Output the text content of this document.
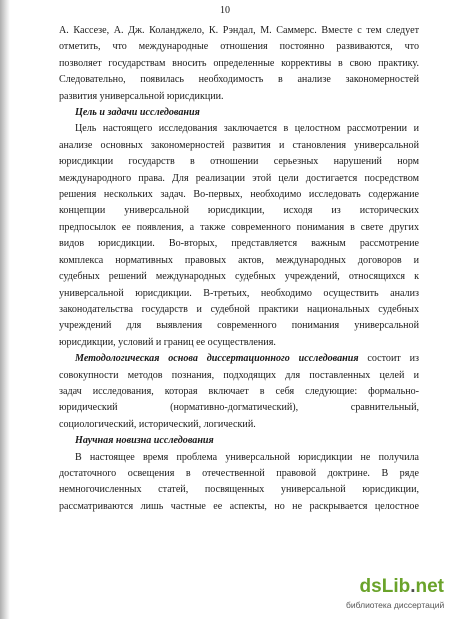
10

А. Кассезе, А. Дж. Коланджело, К. Рэндал, М. Саммерс. Вместе с тем следует

отметить, что международные отношения постоянно развиваются, что

позволяет государствам вносить определенные коррективы в свою практику.

Следовательно, появилась необходимость в анализе закономерностей

развития универсальной юрисдикции.

Цель и задачи исследования

Цель настоящего исследования заключается в целостном рассмотрении и

анализе основных закономерностей развития и становления универсальной

юрисдикции государств в отношении серьезных нарушений норм

международного права. Для реализации этой цели достигается посредством

решения нескольких задач. Во-первых, необходимо исследовать содержание

концепции универсальной юрисдикции, исходя из исторических

предпосылок ее появления, а также современного понимания в свете других

видов юрисдикции. Во-вторых, представляется важным рассмотрение

комплекса нормативных правовых актов, международных договоров и

судебных решений международных судебных учреждений, относящихся к

универсальной юрисдикции. В-третьих, необходимо осуществить анализ

законодательства государств и судебной практики национальных судебных

учреждений для выявления современного понимания универсальной

юрисдикции, условий и границ ее осуществления.

Методологическая основа диссертационного исследования состоит из

совокупности методов познания, подходящих для поставленных целей и

задач исследования, которая включает в себя следующие: формально-

юридический (нормативно-догматический), сравнительный,

социологический, исторический, логический.

Научная новизна исследования

В настоящее время проблема универсальной юрисдикции не получила

достаточного освещения в отечественной правовой доктрине. В ряде

немногочисленных статей, посвященных универсальной юрисдикции,

рассматриваются лишь частные ее аспекты, но не раскрывается целостное

dsLib.net
библиотека диссертаций
